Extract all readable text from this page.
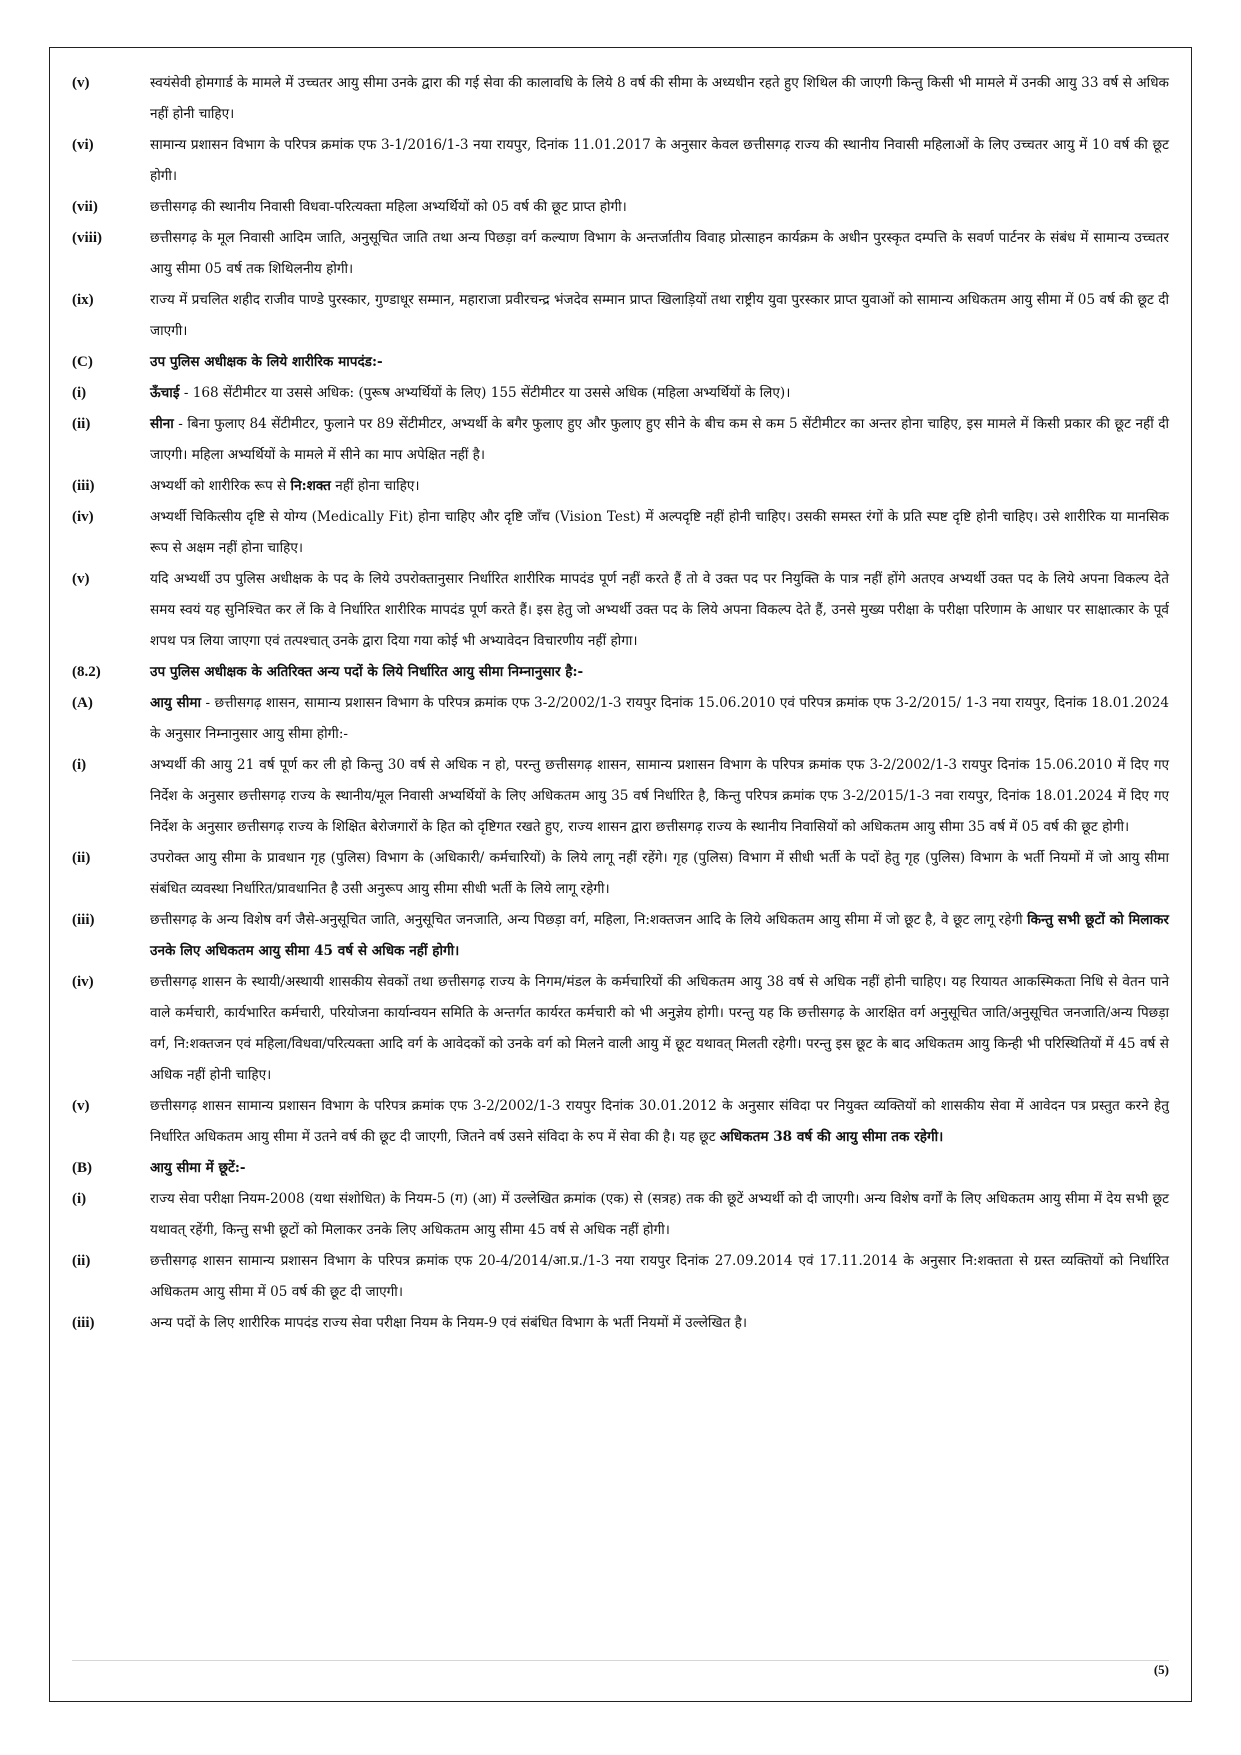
(v)	स्वयंसेवी होमगार्ड के मामले में उच्चतर आयु सीमा उनके द्वारा की गई सेवा की कालावधि के लिये 8 वर्ष की सीमा के अध्यधीन रहते हुए शिथिल की जाएगी किन्तु किसी भी मामले में उनकी आयु 33 वर्ष से अधिक नहीं होनी चाहिए।
(vi)	सामान्य प्रशासन विभाग के परिपत्र क्रमांक एफ 3-1/2016/1-3 नया रायपुर, दिनांक 11.01.2017 के अनुसार केवल छत्तीसगढ़ राज्य की स्थानीय निवासी महिलाओं के लिए उच्चतर आयु में 10 वर्ष की छूट होगी।
(vii)	छत्तीसगढ़ की स्थानीय निवासी विधवा-परित्यक्ता महिला अभ्यर्थियों को 05 वर्ष की छूट प्राप्त होगी।
(viii)	छत्तीसगढ़ के मूल निवासी आदिम जाति, अनुसूचित जाति तथा अन्य पिछड़ा वर्ग कल्याण विभाग के अन्तर्जातीय विवाह प्रोत्साहन कार्यक्रम के अधीन पुरस्कृत दम्पत्ति के सवर्ण पार्टनर के संबंध में सामान्य उच्चतर आयु सीमा 05 वर्ष तक शिथिलनीय होगी।
(ix)	राज्य में प्रचलित शहीद राजीव पाण्डे पुरस्कार, गुण्डाधूर सम्मान, महाराजा प्रवीरचन्द्र भंजदेव सम्मान प्राप्त खिलाड़ियों तथा राष्ट्रीय युवा पुरस्कार प्राप्त युवाओं को सामान्य अधिकतम आयु सीमा में 05 वर्ष की छूट दी जाएगी।
(C)	उप पुलिस अधीक्षक के लिये शारीरिक मापदंड:-
(i)	ऊँचाई - 168 सेंटीमीटर या उससे अधिक: (पुरूष अभ्यर्थियों के लिए) 155 सेंटीमीटर या उससे अधिक (महिला अभ्यर्थियों के लिए)।
(ii)	सीना - बिना फुलाए 84 सेंटीमीटर, फुलाने पर 89 सेंटीमीटर, अभ्यर्थी के बगैर फुलाए हुए और फुलाए हुए सीने के बीच कम से कम 5 सेंटीमीटर का अन्तर होना चाहिए, इस मामले में किसी प्रकार की छूट नहीं दी जाएगी। महिला अभ्यर्थियों के मामले में सीने का माप अपेक्षित नहीं है।
(iii)	अभ्यर्थी को शारीरिक रूप से नि:शक्त नहीं होना चाहिए।
(iv)	अभ्यर्थी चिकित्सीय दृष्टि से योग्य (Medically Fit) होना चाहिए और दृष्टि जाँच (Vision Test) में अल्पदृष्टि नहीं होनी चाहिए। उसकी समस्त रंगों के प्रति स्पष्ट दृष्टि होनी चाहिए। उसे शारीरिक या मानसिक रूप से अक्षम नहीं होना चाहिए।
(v)	यदि अभ्यर्थी उप पुलिस अधीक्षक के पद के लिये उपरोक्तानुसार निर्धारित शारीरिक मापदंड पूर्ण नहीं करते हैं तो वे उक्त पद पर नियुक्ति के पात्र नहीं होंगे अतएव अभ्यर्थी उक्त पद के लिये अपना विकल्प देते समय स्वयं यह सुनिश्चित कर लें कि वे निर्धारित शारीरिक मापदंड पूर्ण करते हैं। इस हेतु जो अभ्यर्थी उक्त पद के लिये अपना विकल्प देते हैं, उनसे मुख्य परीक्षा के परीक्षा परिणाम के आधार पर साक्षात्कार के पूर्व शपथ पत्र लिया जाएगा एवं तत्पश्चात् उनके द्वारा दिया गया कोई भी अभ्यावेदन विचारणीय नहीं होगा।
(8.2)	उप पुलिस अधीक्षक के अतिरिक्त अन्य पदों के लिये निर्धारित आयु सीमा निम्नानुसार है:-
(A)	आयु सीमा - छत्तीसगढ़ शासन, सामान्य प्रशासन विभाग के परिपत्र क्रमांक एफ 3-2/2002/1-3 रायपुर दिनांक 15.06.2010 एवं परिपत्र क्रमांक एफ 3-2/2015/ 1-3 नया रायपुर, दिनांक 18.01.2024 के अनुसार निम्नानुसार आयु सीमा होगी:-
(i)	अभ्यर्थी की आयु 21 वर्ष पूर्ण कर ली हो किन्तु 30 वर्ष से अधिक न हो, परन्तु छत्तीसगढ़ शासन, सामान्य प्रशासन विभाग के परिपत्र क्रमांक एफ 3-2/2002/1-3 रायपुर दिनांक 15.06.2010 में दिए गए निर्देश के अनुसार छत्तीसगढ़ राज्य के स्थानीय/मूल निवासी अभ्यर्थियों के लिए अधिकतम आयु 35 वर्ष निर्धारित है, किन्तु परिपत्र क्रमांक एफ 3-2/2015/1-3 नवा रायपुर, दिनांक 18.01.2024 में दिए गए निर्देश के अनुसार छत्तीसगढ़ राज्य के शिक्षित बेरोजगारों के हित को दृष्टिगत रखते हुए, राज्य शासन द्वारा छत्तीसगढ़ राज्य के स्थानीय निवासियों को अधिकतम आयु सीमा 35 वर्ष में 05 वर्ष की छूट होगी।
(ii)	उपरोक्त आयु सीमा के प्रावधान गृह (पुलिस) विभाग के (अधिकारी/ कर्मचारियों) के लिये लागू नहीं रहेंगे। गृह (पुलिस) विभाग में सीधी भर्ती के पदों हेतु गृह (पुलिस) विभाग के भर्ती नियमों में जो आयु सीमा संबंधित व्यवस्था निर्धारित/प्रावधानित है उसी अनुरूप आयु सीमा सीधी भर्ती के लिये लागू रहेगी।
(iii)	छत्तीसगढ़ के अन्य विशेष वर्ग जैसे-अनुसूचित जाति, अनुसूचित जनजाति, अन्य पिछड़ा वर्ग, महिला, नि:शक्तजन आदि के लिये अधिकतम आयु सीमा में जो छूट है, वे छूट लागू रहेगी किन्तु सभी छूटों को मिलाकर उनके लिए अधिकतम आयु सीमा 45 वर्ष से अधिक नहीं होगी।
(iv)	छत्तीसगढ़ शासन के स्थायी/अस्थायी शासकीय सेवकों तथा छत्तीसगढ़ राज्य के निगम/मंडल के कर्मचारियों की अधिकतम आयु 38 वर्ष से अधिक नहीं होनी चाहिए। यह रियायत आकस्मिकता निधि से वेतन पाने वाले कर्मचारी, कार्यभारित कर्मचारी, परियोजना कार्यान्वयन समिति के अन्तर्गत कार्यरत कर्मचारी को भी अनुज्ञेय होगी। परन्तु यह कि छत्तीसगढ़ के आरक्षित वर्ग अनुसूचित जाति/अनुसूचित जनजाति/अन्य पिछड़ा वर्ग, नि:शक्तजन एवं महिला/विधवा/परित्यक्ता आदि वर्ग के आवेदकों को उनके वर्ग को मिलने वाली आयु में छूट यथावत् मिलती रहेगी। परन्तु इस छूट के बाद अधिकतम आयु किन्ही भी परिस्थितियों में 45 वर्ष से अधिक नहीं होनी चाहिए।
(v)	छत्तीसगढ़ शासन सामान्य प्रशासन विभाग के परिपत्र क्रमांक एफ 3-2/2002/1-3 रायपुर दिनांक 30.01.2012 के अनुसार संविदा पर नियुक्त व्यक्तियों को शासकीय सेवा में आवेदन पत्र प्रस्तुत करने हेतु निर्धारित अधिकतम आयु सीमा में उतने वर्ष की छूट दी जाएगी, जितने वर्ष उसने संविदा के रुप में सेवा की है। यह छूट अधिकतम 38 वर्ष की आयु सीमा तक रहेगी।
(B)	आयु सीमा में छूटें:-
(i)	राज्य सेवा परीक्षा नियम-2008 (यथा संशोधित) के नियम-5 (ग) (आ) में उल्लेखित क्रमांक (एक) से (सत्रह) तक की छूटें अभ्यर्थी को दी जाएगी। अन्य विशेष वर्गों के लिए अधिकतम आयु सीमा में देय सभी छूट यथावत् रहेंगी, किन्तु सभी छूटों को मिलाकर उनके लिए अधिकतम आयु सीमा 45 वर्ष से अधिक नहीं होगी।
(ii)	छत्तीसगढ़ शासन सामान्य प्रशासन विभाग के परिपत्र क्रमांक एफ 20-4/2014/आ.प्र./1-3 नया रायपुर दिनांक 27.09.2014 एवं 17.11.2014 के अनुसार नि:शक्तता से ग्रस्त व्यक्तियों को निर्धारित अधिकतम आयु सीमा में 05 वर्ष की छूट दी जाएगी।
(iii)	अन्य पदों के लिए शारीरिक मापदंड राज्य सेवा परीक्षा नियम के नियम-9 एवं संबंधित विभाग के भर्ती नियमों में उल्लेखित है।
(5)
